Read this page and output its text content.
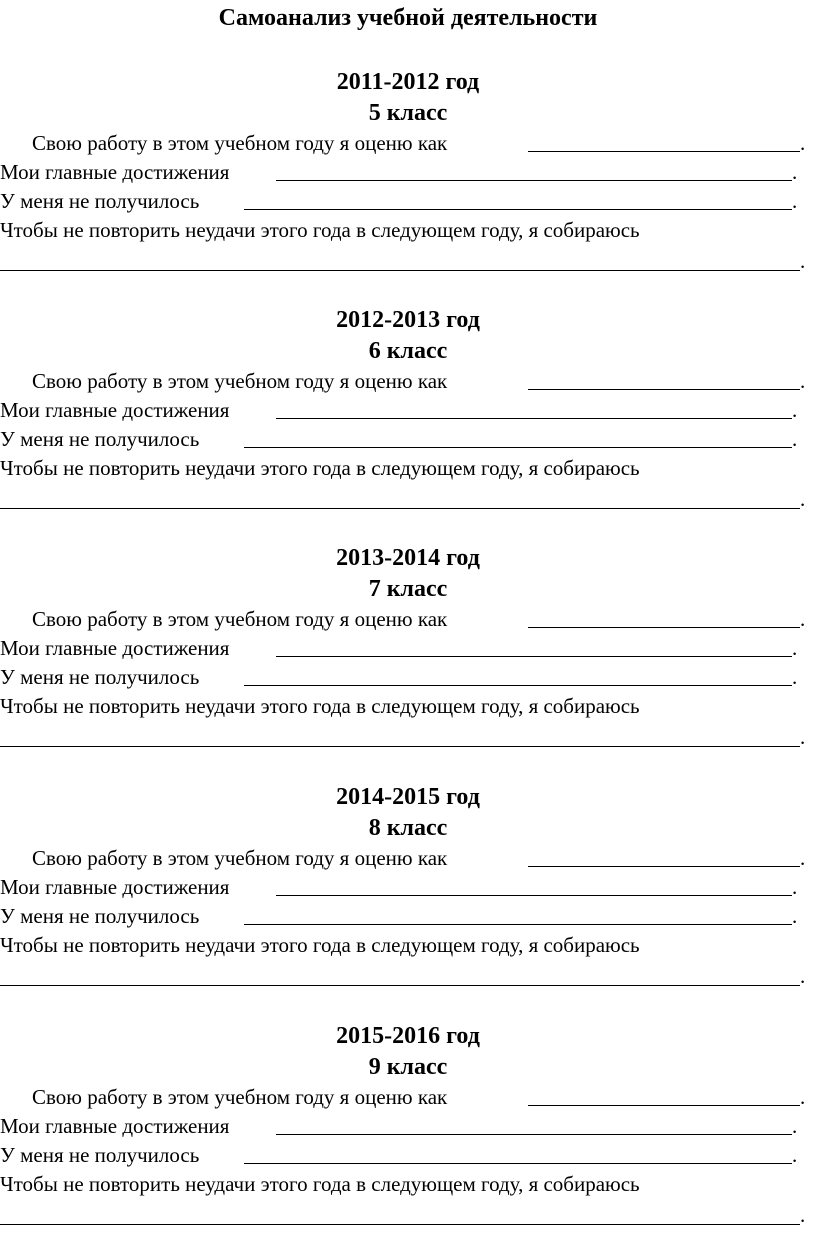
Самоанализ учебной деятельности
2011-2012 год
5 класс
Свою работу в этом учебном году я оценю как	.
Мои главные достижения	.
У меня не получилось	.
Чтобы не повторить неудачи этого года в следующем году, я собираюсь
.
2012-2013 год
6 класс
Свою работу в этом учебном году я оценю как	.
Мои главные достижения	.
У меня не получилось	.
Чтобы не повторить неудачи этого года в следующем году, я собираюсь
.
2013-2014 год
7 класс
Свою работу в этом учебном году я оценю как	.
Мои главные достижения	.
У меня не получилось	.
Чтобы не повторить неудачи этого года в следующем году, я собираюсь
.
2014-2015 год
8 класс
Свою работу в этом учебном году я оценю как	.
Мои главные достижения	.
У меня не получилось	.
Чтобы не повторить неудачи этого года в следующем году, я собираюсь
.
2015-2016 год
9 класс
Свою работу в этом учебном году я оценю как	.
Мои главные достижения	.
У меня не получилось	.
Чтобы не повторить неудачи этого года в следующем году, я собираюсь
.
